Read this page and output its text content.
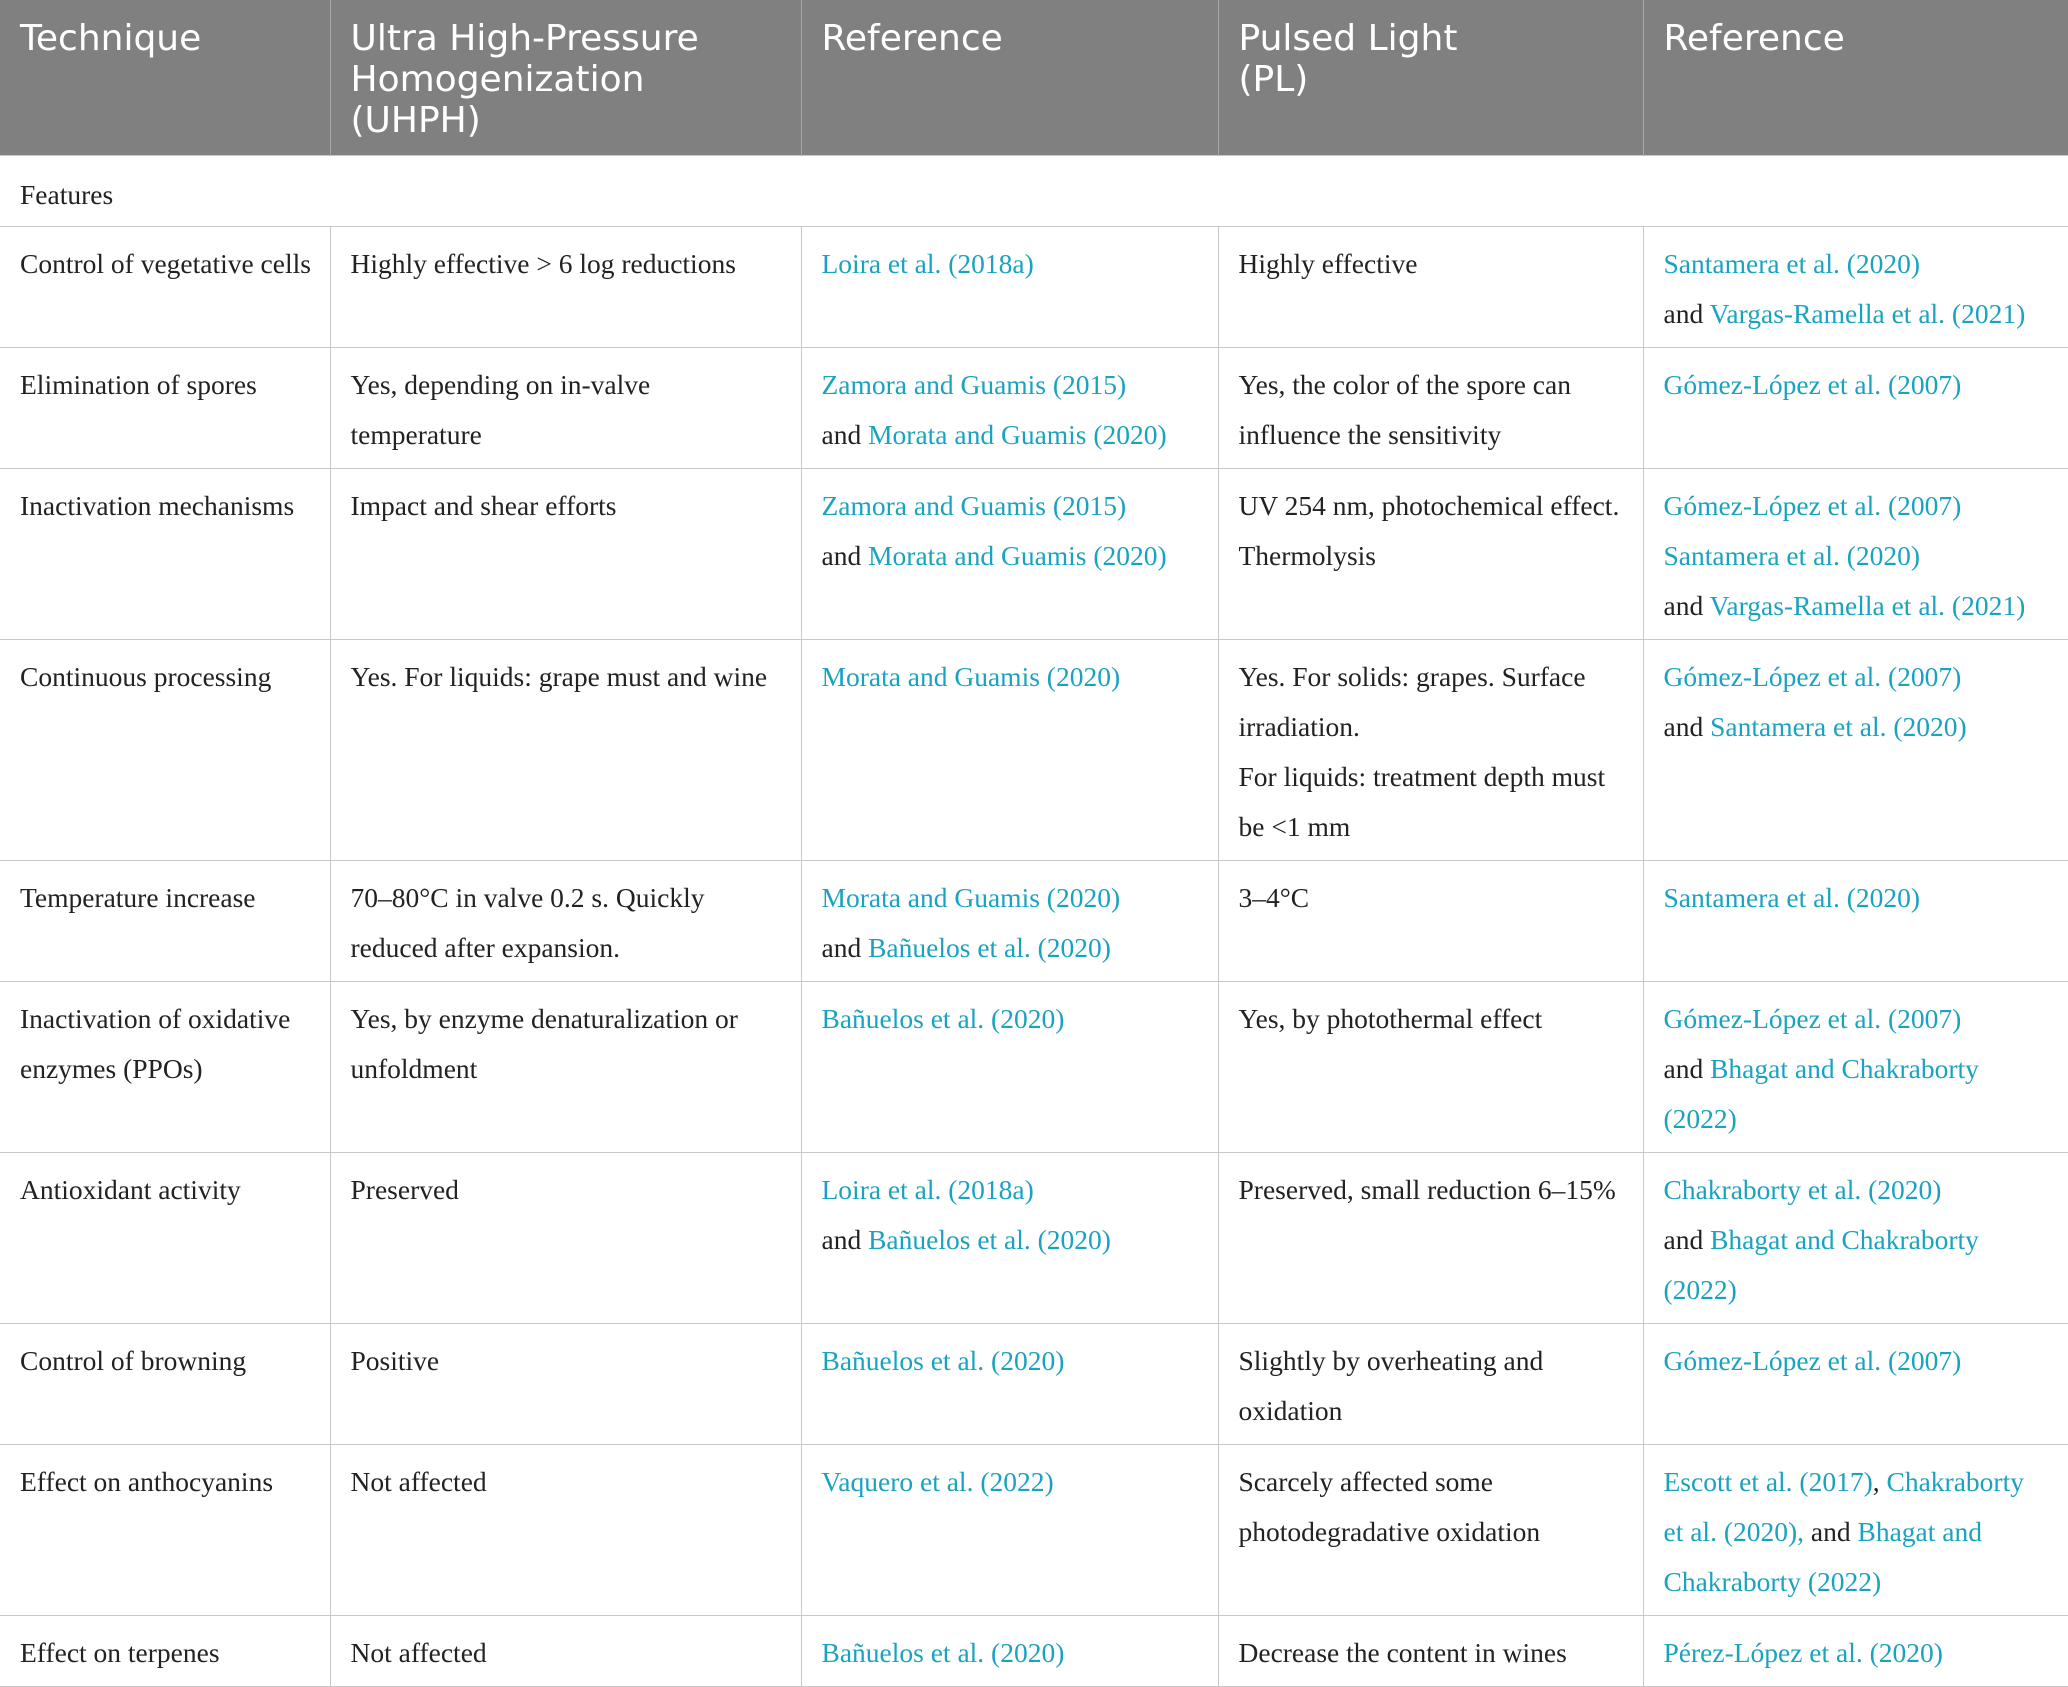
Technique	Ultra High-Pressure
Homogenization (UHPH)	Reference	Pulsed Light
(PL)	Reference

Features				
Control of vegetative cells	Highly effective > 6 log reductions	Loira et al. (2018a)	Highly effective	Santamera et al. (2020)
and Vargas-Ramella et al. (2021)

Elimination of spores	Yes, depending on in-valve temperature	Zamora and Guamis (2015)
and Morata and Guamis (2020)	Yes, the color of the spore can influence the sensitivity	Gómez-López et al. (2007)

Inactivation mechanisms	Impact and shear efforts	Zamora and Guamis (2015)
and Morata and Guamis (2020)	UV 254 nm, photochemical effect.
Thermolysis	Gómez-López et al. (2007)
Santamera et al. (2020)
and Vargas-Ramella et al. (2021)

Continuous processing	Yes. For liquids: grape must and wine	Morata and Guamis (2020)	Yes. For solids: grapes. Surface irradiation.
For liquids: treatment depth must be <1 mm	Gómez-López et al. (2007)
and Santamera et al. (2020)

Temperature increase	70–80°C in valve 0.2 s. Quickly reduced after expansion.	Morata and Guamis (2020)
and Bañuelos et al. (2020)	3–4°C	Santamera et al. (2020)

Inactivation of oxidative enzymes (PPOs)	Yes, by enzyme denaturalization or unfoldment	Bañuelos et al. (2020)	Yes, by photothermal effect	Gómez-López et al. (2007)
and Bhagat and Chakraborty (2022)

Antioxidant activity	Preserved	Loira et al. (2018a)
and Bañuelos et al. (2020)	Preserved, small reduction 6–15%	Chakraborty et al. (2020)
and Bhagat and Chakraborty (2022)

Control of browning	Positive	Bañuelos et al. (2020)	Slightly by overheating and oxidation	Gómez-López et al. (2007)

Effect on anthocyanins	Not affected	Vaquero et al. (2022)	Scarcely affected some photodegradative oxidation	Escott et al. (2017), Chakraborty et al. (2020), and Bhagat and Chakraborty (2022)

Effect on terpenes	Not affected	Bañuelos et al. (2020)	Decrease the content in wines	Pérez-López et al. (2020)
